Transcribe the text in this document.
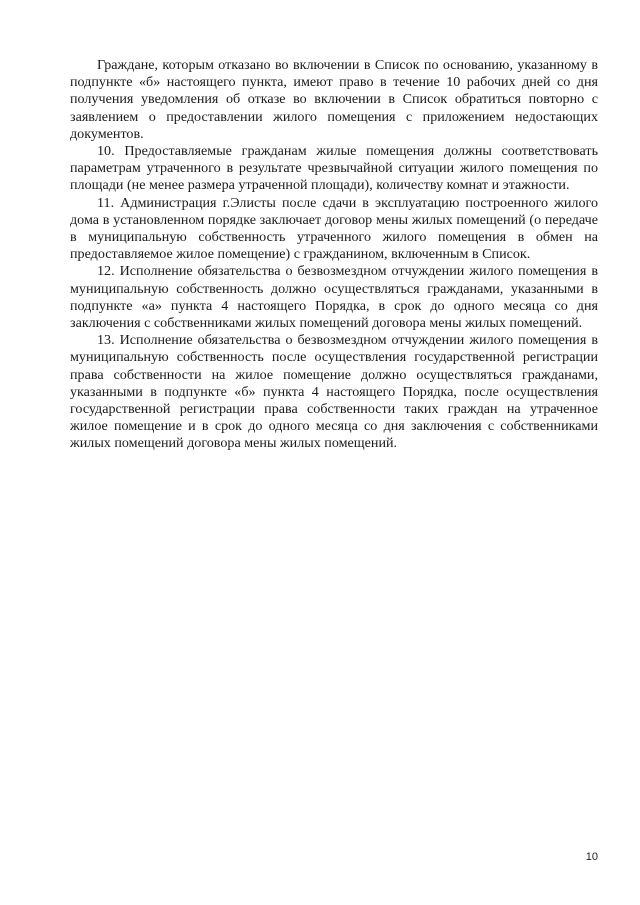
Граждане, которым отказано во включении в Список по основанию, указанному в подпункте «б» настоящего пункта, имеют право в течение 10 рабочих дней со дня получения уведомления об отказе во включении в Список обратиться повторно с заявлением о предоставлении жилого помещения с приложением недостающих документов.

10. Предоставляемые гражданам жилые помещения должны соответствовать параметрам утраченного в результате чрезвычайной ситуации жилого помещения по площади (не менее размера утраченной площади), количеству комнат и этажности.

11. Администрация г.Элисты после сдачи в эксплуатацию построенного жилого дома в установленном порядке заключает договор мены жилых помещений (о передаче в муниципальную собственность утраченного жилого помещения в обмен на предоставляемое жилое помещение) с гражданином, включенным в Список.

12. Исполнение обязательства о безвозмездном отчуждении жилого помещения в муниципальную собственность должно осуществляться гражданами, указанными в подпункте «а» пункта 4 настоящего Порядка, в срок до одного месяца со дня заключения с собственниками жилых помещений договора мены жилых помещений.

13. Исполнение обязательства о безвозмездном отчуждении жилого помещения в муниципальную собственность после осуществления государственной регистрации права собственности на жилое помещение должно осуществляться гражданами, указанными в подпункте «б» пункта 4 настоящего Порядка, после осуществления государственной регистрации права собственности таких граждан на утраченное жилое помещение и в срок до одного месяца со дня заключения с собственниками жилых помещений договора мены жилых помещений.

10
